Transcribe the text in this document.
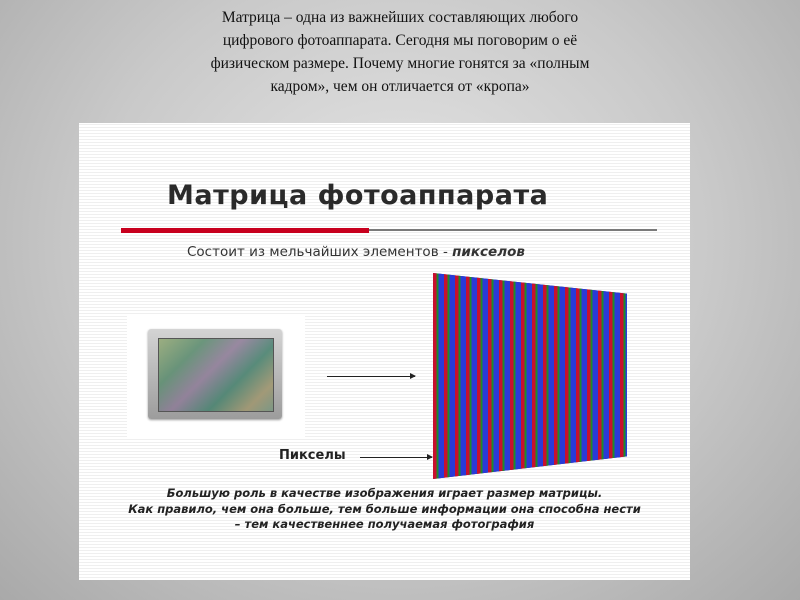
Матрица – одна из важнейших составляющих любого
цифрового фотоаппарата. Сегодня мы поговорим о её
физическом размере. Почему многие гонятся за «полным
кадром», чем он отличается от «кропа»
Матрица фотоаппарата
Состоит из мельчайших элементов - пикселов
Пикселы
Большую роль в качестве изображения играет размер матрицы.
Как правило, чем она больше, тем больше информации она способна нести
– тем качественнее получаемая фотография
